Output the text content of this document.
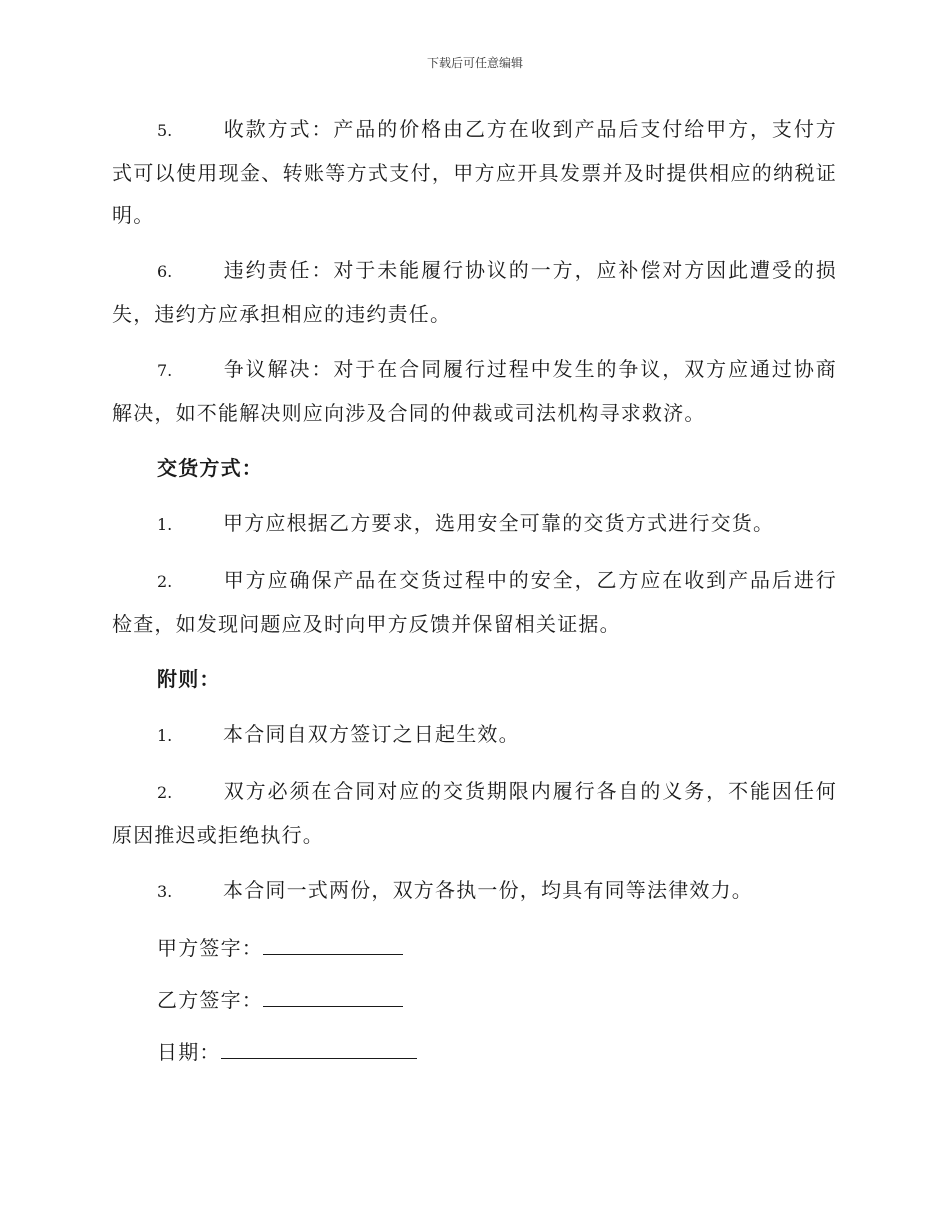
下载后可任意编辑

5.	收款方式：产品的价格由乙方在收到产品后支付给甲方，支付方式可以使用现金、转账等方式支付，甲方应开具发票并及时提供相应的纳税证明。

6.	违约责任：对于未能履行协议的一方，应补偿对方因此遭受的损失，违约方应承担相应的违约责任。

7.	争议解决：对于在合同履行过程中发生的争议，双方应通过协商解决，如不能解决则应向涉及合同的仲裁或司法机构寻求救济。

交货方式：

1.	甲方应根据乙方要求，选用安全可靠的交货方式进行交货。

2.	甲方应确保产品在交货过程中的安全，乙方应在收到产品后进行检查，如发现问题应及时向甲方反馈并保留相关证据。

附则：

1.	本合同自双方签订之日起生效。

2.	双方必须在合同对应的交货期限内履行各自的义务，不能因任何原因推迟或拒绝执行。

3.	本合同一式两份，双方各执一份，均具有同等法律效力。

甲方签字：

乙方签字：

日期：
